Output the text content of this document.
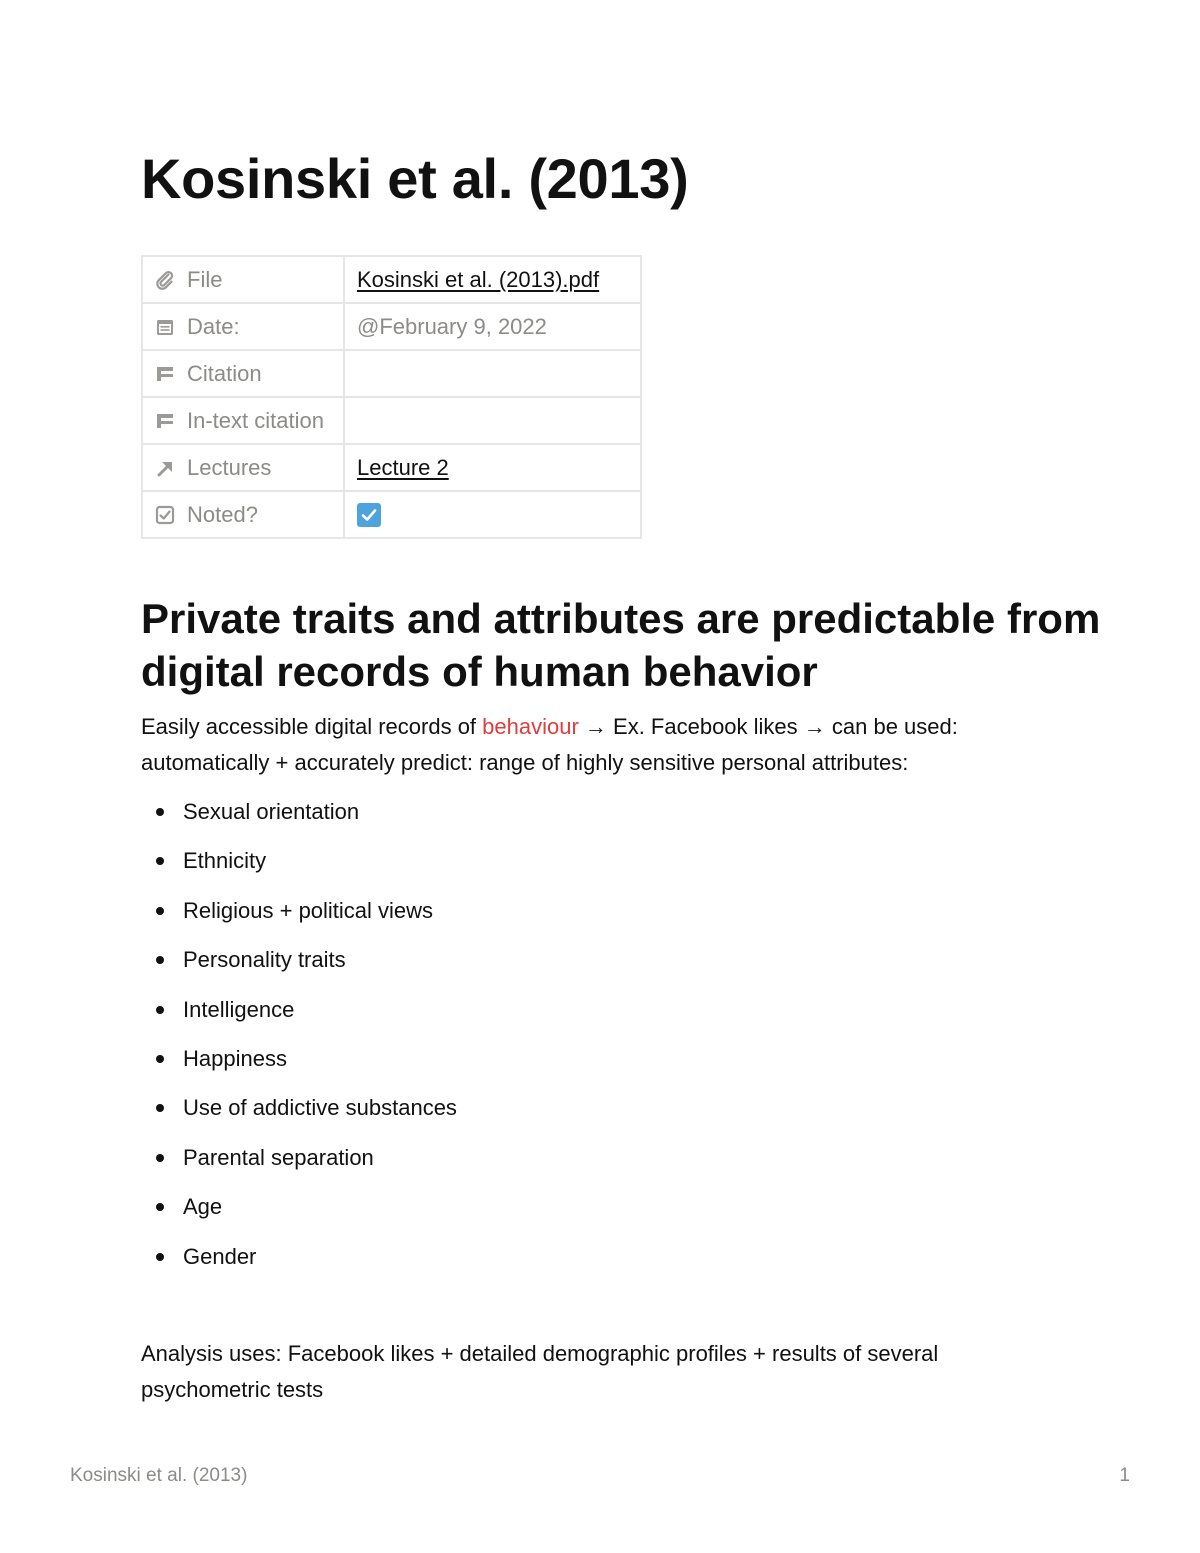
Kosinski et al. (2013)
File	Kosinski et al. (2013).pdf

Date:	@February 9, 2022

Citation	

In-text citation	

Lectures	Lecture 2

Noted?

Private traits and attributes are predictable from digital records of human behavior

Easily accessible digital records of behaviour → Ex. Facebook likes → can be used: automatically + accurately predict: range of highly sensitive personal attributes:

Sexual orientation
Ethnicity
Religious + political views
Personality traits
Intelligence
Happiness
Use of addictive substances
Parental separation
Age
Gender

Analysis uses: Facebook likes + detailed demographic profiles + results of several psychometric tests

Kosinski et al. (2013)	1
